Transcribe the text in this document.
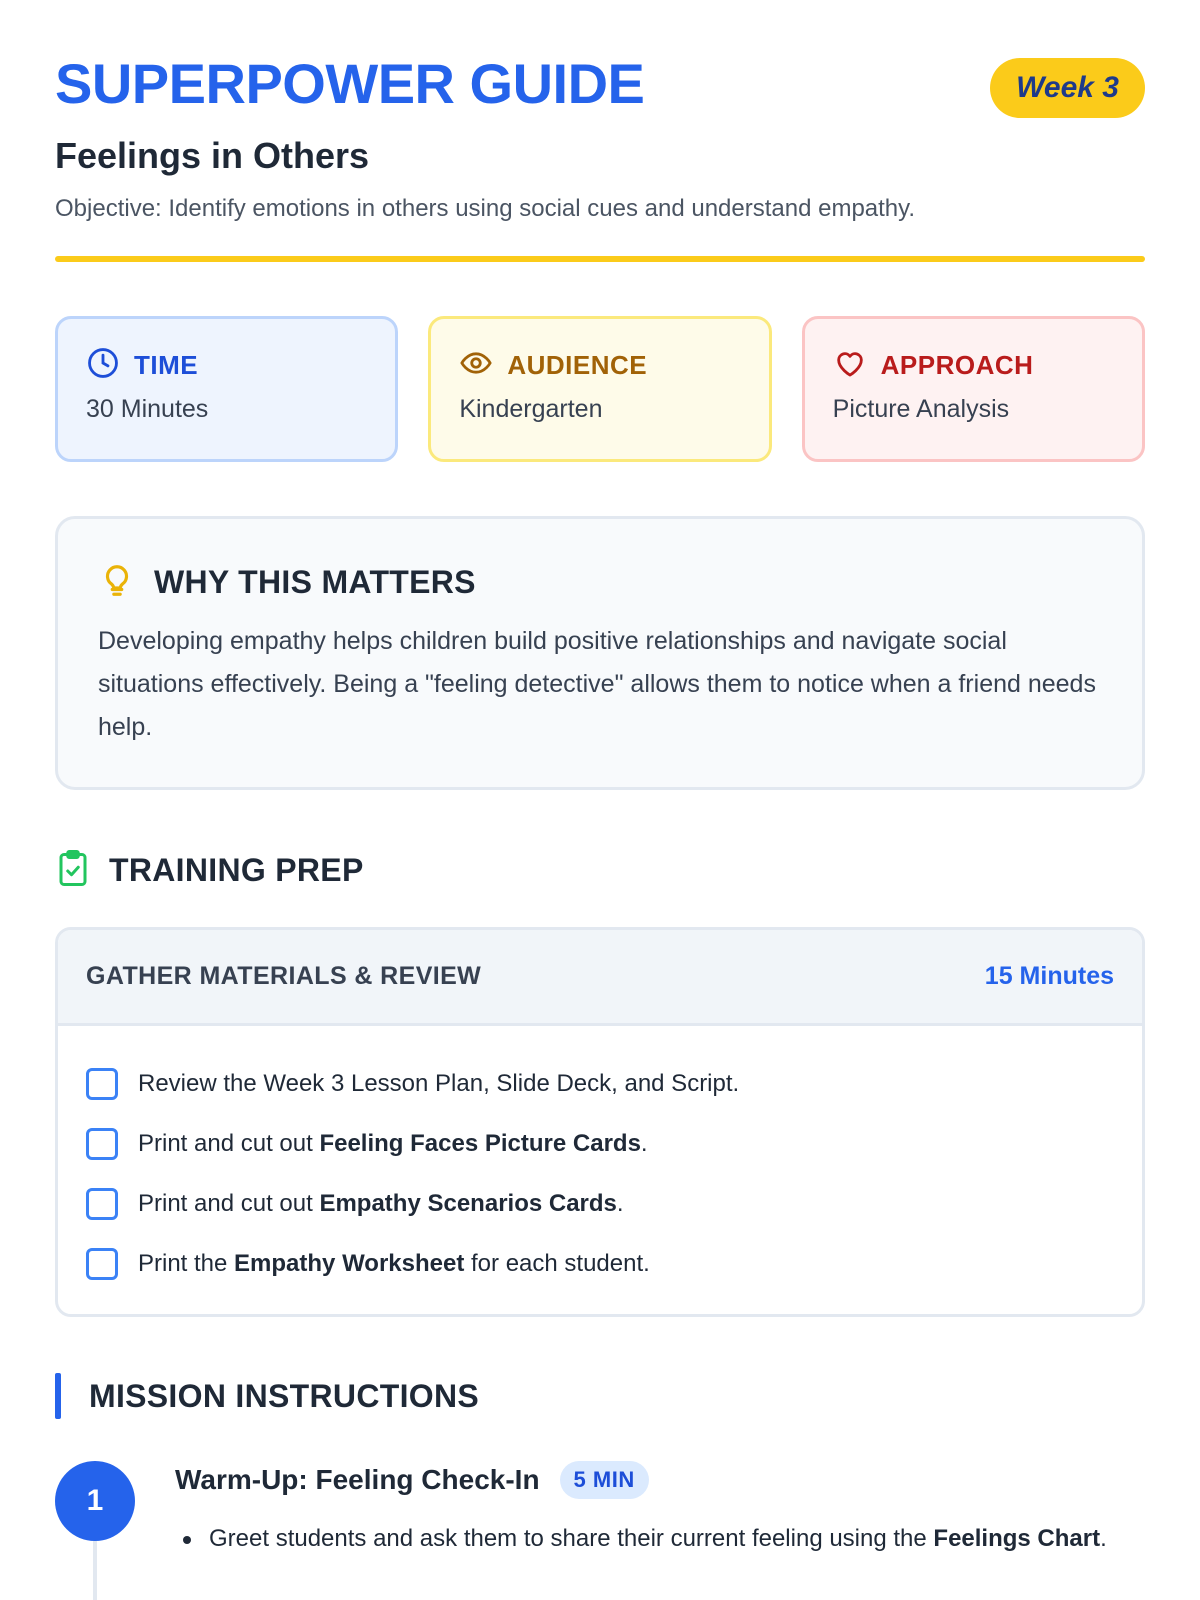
SUPERPOWER GUIDE	Week 3
Feelings in Others

Objective: Identify emotions in others using social cues and understand empathy.

TIME
30 Minutes
AUDIENCE
Kindergarten
APPROACH
Picture Analysis
WHY THIS MATTERS

Developing empathy helps children build positive relationships and navigate social situations effectively. Being a "feeling detective" allows them to notice when a friend needs help.

TRAINING PREP
GATHER MATERIALS & REVIEW	15 Minutes
Review the Week 3 Lesson Plan, Slide Deck, and Script.
Print and cut out Feeling Faces Picture Cards.
Print and cut out Empathy Scenarios Cards.
Print the Empathy Worksheet for each student.
MISSION INSTRUCTIONS
1
Warm-Up: Feeling Check-In	5 MIN
Greet students and ask them to share their current feeling using the Feelings Chart.
